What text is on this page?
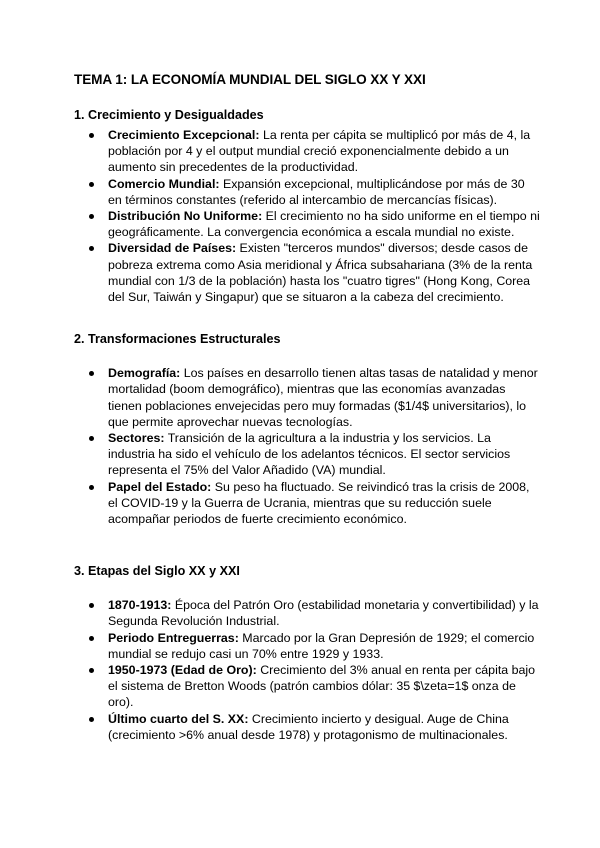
TEMA 1: LA ECONOMÍA MUNDIAL DEL SIGLO XX Y XXI
1. Crecimiento y Desigualdades
Crecimiento Excepcional: La renta per cápita se multiplicó por más de 4, la población por 4 y el output mundial creció exponencialmente debido a un aumento sin precedentes de la productividad.
Comercio Mundial: Expansión excepcional, multiplicándose por más de 30 en términos constantes (referido al intercambio de mercancías físicas).
Distribución No Uniforme: El crecimiento no ha sido uniforme en el tiempo ni geográficamente. La convergencia económica a escala mundial no existe.
Diversidad de Países: Existen "terceros mundos" diversos; desde casos de pobreza extrema como Asia meridional y África subsahariana (3% de la renta mundial con 1/3 de la población) hasta los "cuatro tigres" (Hong Kong, Corea del Sur, Taiwán y Singapur) que se situaron a la cabeza del crecimiento.
2. Transformaciones Estructurales
Demografía: Los países en desarrollo tienen altas tasas de natalidad y menor mortalidad (boom demográfico), mientras que las economías avanzadas tienen poblaciones envejecidas pero muy formadas ($1/4$ universitarios), lo que permite aprovechar nuevas tecnologías.
Sectores: Transición de la agricultura a la industria y los servicios. La industria ha sido el vehículo de los adelantos técnicos. El sector servicios representa el 75% del Valor Añadido (VA) mundial.
Papel del Estado: Su peso ha fluctuado. Se reivindicó tras la crisis de 2008, el COVID-19 y la Guerra de Ucrania, mientras que su reducción suele acompañar periodos de fuerte crecimiento económico.
3. Etapas del Siglo XX y XXI
1870-1913: Época del Patrón Oro (estabilidad monetaria y convertibilidad) y la Segunda Revolución Industrial.
Periodo Entreguerras: Marcado por la Gran Depresión de 1929; el comercio mundial se redujo casi un 70% entre 1929 y 1933.
1950-1973 (Edad de Oro): Crecimiento del 3% anual en renta per cápita bajo el sistema de Bretton Woods (patrón cambios dólar: 35 $\zeta=1$ onza de oro).
Último cuarto del S. XX: Crecimiento incierto y desigual. Auge de China (crecimiento >6% anual desde 1978) y protagonismo de multinacionales.
